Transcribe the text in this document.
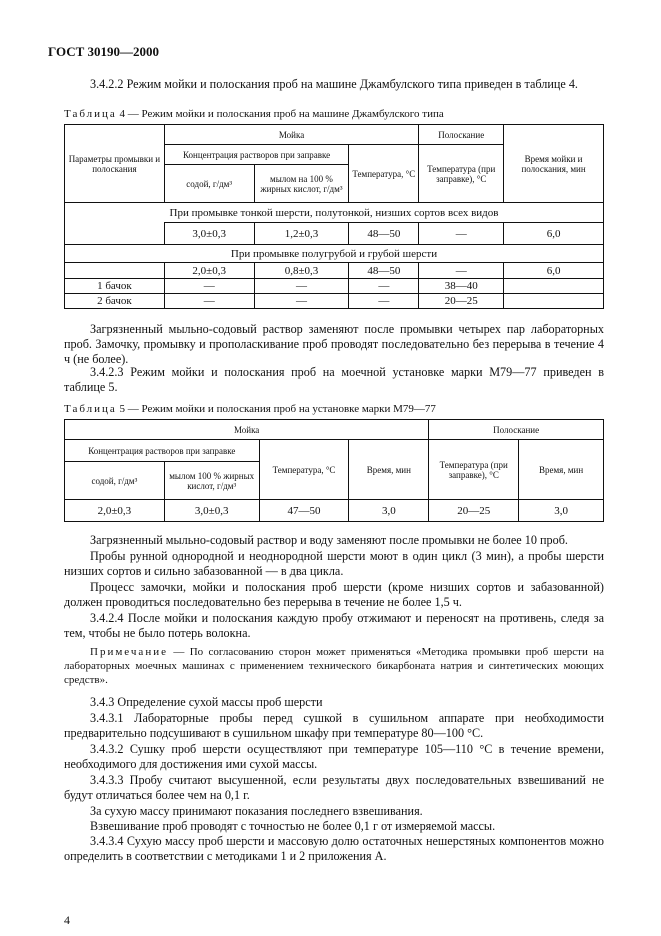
ГОСТ 30190—2000
3.4.2.2 Режим мойки и полоскания проб на машине Джамбулского типа приведен в таблице 4.
Таблица 4 — Режим мойки и полоскания проб на машине Джамбулского типа
Параметры промывки и полоскания	Мойка			Полоскание	Время мойки и полоскания, мин
	Концентрация растворов при заправке		Температура, °С	Температура (при заправке), °С	
	содой, г/дм³	мылом на 100 % жирных кислот, г/дм³			
При промывке тонкой шерсти, полутонкой, низших сортов всех видов					
	3,0±0,3	1,2±0,3	48—50	—	6,0
При промывке полугрубой и грубой шерсти					
	2,0±0,3	0,8±0,3	48—50	—	6,0
1 бачок	—	—	—	38—40	
2 бачок	—	—	—	20—25	
Загрязненный мыльно-содовый раствор заменяют после промывки четырех пар лабораторных проб. Замочку, промывку и прополаскивание проб проводят последовательно без перерыва в течение 4 ч (не более).
3.4.2.3 Режим мойки и полоскания проб на моечной установке марки М79—77 приведен в таблице 5.
Таблица 5 — Режим мойки и полоскания проб на установке марки М79—77
Мойка				Полоскание	
Концентрация растворов при заправке		Температура, °С	Время, мин	Температура (при заправке), °С	Время, мин
содой, г/дм³	мылом 100 % жирных кислот, г/дм³				
2,0±0,3	3,0±0,3	47—50	3,0	20—25	3,0
Загрязненный мыльно-содовый раствор и воду заменяют после промывки не более 10 проб.
Пробы рунной однородной и неоднородной шерсти моют в один цикл (3 мин), а пробы шерсти низших сортов и сильно забазованной — в два цикла.
Процесс замочки, мойки и полоскания проб шерсти (кроме низших сортов и забазованной) должен проводиться последовательно без перерыва в течение не более 1,5 ч.
3.4.2.4 После мойки и полоскания каждую пробу отжимают и переносят на противень, следя за тем, чтобы не было потерь волокна.
Примечание — По согласованию сторон может применяться «Методика промывки проб шерсти на лабораторных моечных машинах с применением технического бикарбоната натрия и синтетических моющих средств».
3.4.3 Определение сухой массы проб шерсти
3.4.3.1 Лабораторные пробы перед сушкой в сушильном аппарате при необходимости предварительно подсушивают в сушильном шкафу при температуре 80—100 °С.
3.4.3.2 Сушку проб шерсти осуществляют при температуре 105—110 °С в течение времени, необходимого для достижения ими сухой массы.
3.4.3.3 Пробу считают высушенной, если результаты двух последовательных взвешиваний не будут отличаться более чем на 0,1 г.
За сухую массу принимают показания последнего взвешивания.
Взвешивание проб проводят с точностью не более 0,1 г от измеряемой массы.
3.4.3.4 Сухую массу проб шерсти и массовую долю остаточных нешерстяных компонентов можно определить в соответствии с методиками 1 и 2 приложения А.
4
